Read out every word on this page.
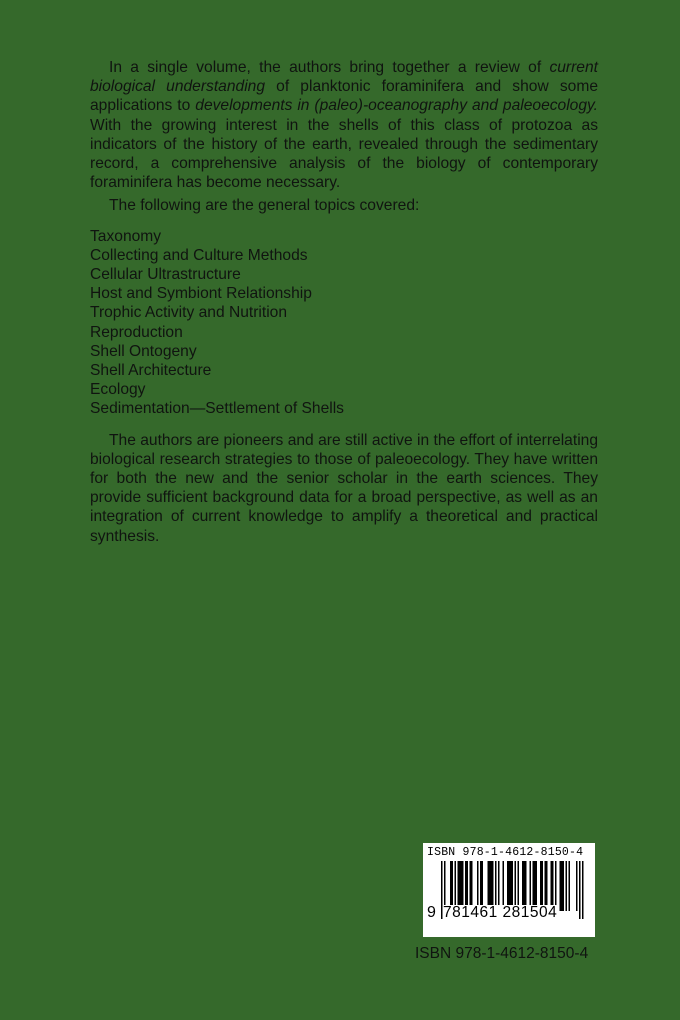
In a single volume, the authors bring together a review of current biological understanding of planktonic foraminifera and show some applications to developments in (paleo)-oceanography and paleoecology. With the growing interest in the shells of this class of protozoa as indicators of the history of the earth, revealed through the sedimentary record, a comprehensive analysis of the biology of contemporary foraminifera has become necessary.

The following are the general topics covered:

Taxonomy
Collecting and Culture Methods
Cellular Ultrastructure
Host and Symbiont Relationship
Trophic Activity and Nutrition
Reproduction
Shell Ontogeny
Shell Architecture
Ecology
Sedimentation—Settlement of Shells

The authors are pioneers and are still active in the effort of interrelating biological research strategies to those of paleoecology. They have written for both the new and the senior scholar in the earth sciences. They provide sufficient background data for a broad perspective, as well as an integration of current knowledge to amplify a theoretical and practical synthesis.

ISBN 978-1-4612-8150-4
9 781461 281504
ISBN 978-1-4612-8150-4
